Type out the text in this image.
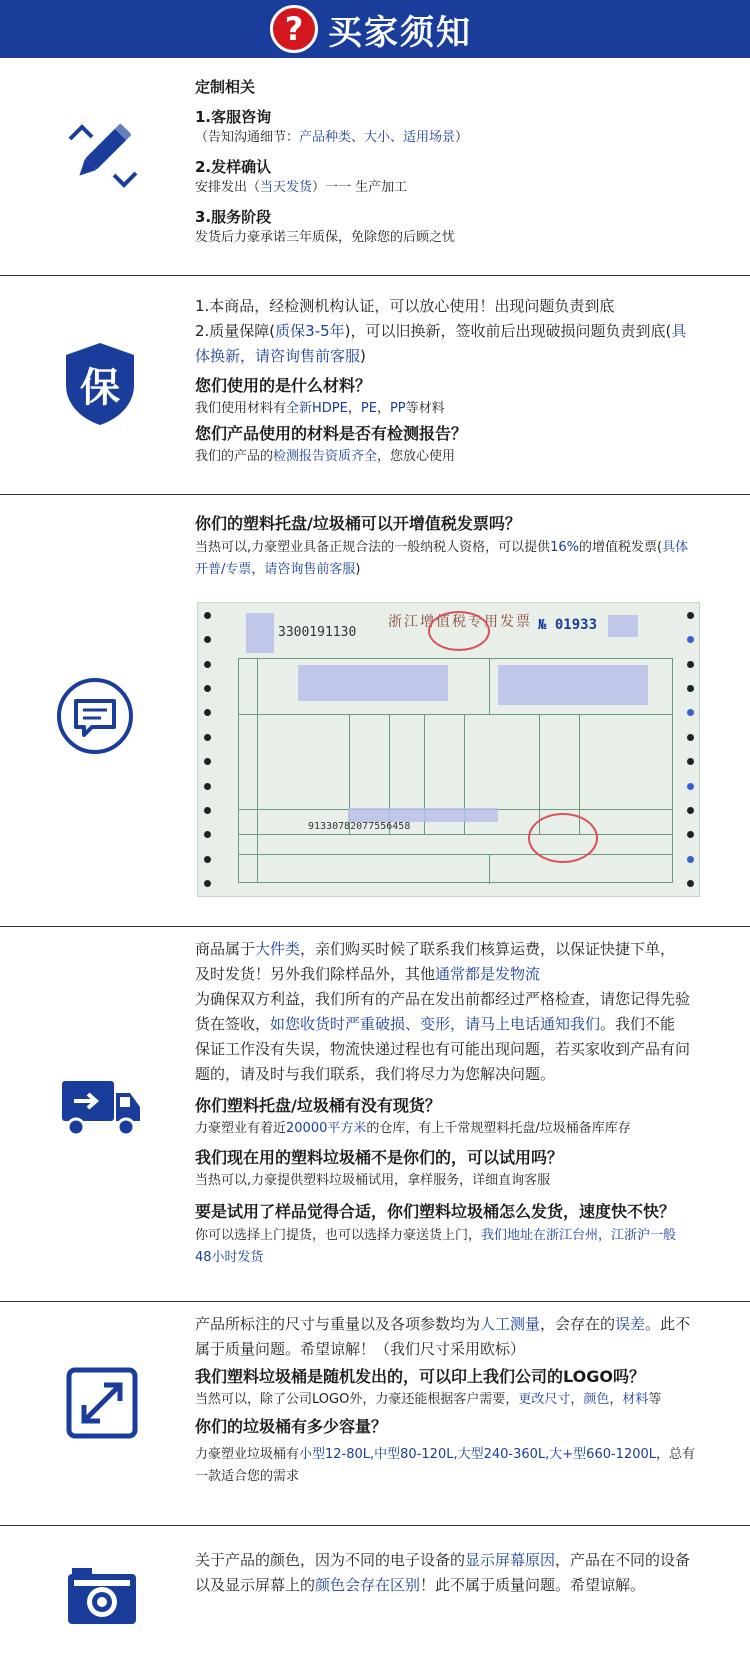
? 买家须知
定制相关
1.客服咨询
（告知沟通细节：产品种类、大小、适用场景）
2.发样确认
安排发出（当天发货）一一 生产加工
3.服务阶段
发货后力豪承诺三年质保，免除您的后顾之忧
保
1.本商品，经检测机构认证，可以放心使用！出现问题负责到底
2.质量保障(质保3-5年)，可以旧换新，签收前后出现破损问题负责到底(具体换新，请咨询售前客服)
您们使用的是什么材料？
我们使用材料有全新HDPE，PE，PP等材料
您们产品使用的材料是否有检测报告？
我们的产品的检测报告资质齐全，您放心使用
你们的塑料托盘/垃圾桶可以开增值税发票吗？
当热可以,力豪塑业具备正规合法的一般纳税人资格，可以提供16%的增值税发票(具体开普/专票，请咨询售前客服)
3300191130
浙江增值税专用发票 № 01933
91330782077556458
商品属于大件类，亲们购买时候了联系我们核算运费，以保证快捷下单，及时发货！另外我们除样品外，其他通常都是发物流
为确保双方利益，我们所有的产品在发出前都经过严格检查，请您记得先验货在签收，如您收货时严重破损、变形，请马上电话通知我们。我们不能保证工作没有失误，物流快递过程也有可能出现问题，若买家收到产品有问题的，请及时与我们联系，我们将尽力为您解决问题。
你们塑料托盘/垃圾桶有没有现货？
力豪塑业有着近20000平方米的仓库，有上千常规塑料托盘/垃圾桶备库库存
我们现在用的塑料垃圾桶不是你们的，可以试用吗？
当热可以,力豪提供塑料垃圾桶试用，拿样服务，详细直询客服
要是试用了样品觉得合适，你们塑料垃圾桶怎么发货，速度快不快？
你可以选择上门提货，也可以选择力豪送货上门，我们地址在浙江台州，江浙沪一般48小时发货
产品所标注的尺寸与重量以及各项参数均为人工测量，会存在的误差。此不属于质量问题。希望谅解！（我们尺寸采用欧标）
我们塑料垃圾桶是随机发出的，可以印上我们公司的LOGO吗？
当然可以，除了公司LOGO外，力豪还能根据客户需要，更改尺寸，颜色，材料等
你们的垃圾桶有多少容量？
力豪塑业垃圾桶有小型12-80L,中型80-120L,大型240-360L,大+型660-1200L，总有一款适合您的需求
关于产品的颜色，因为不同的电子设备的显示屏幕原因，产品在不同的设备以及显示屏幕上的颜色会存在区别！此不属于质量问题。希望谅解。
